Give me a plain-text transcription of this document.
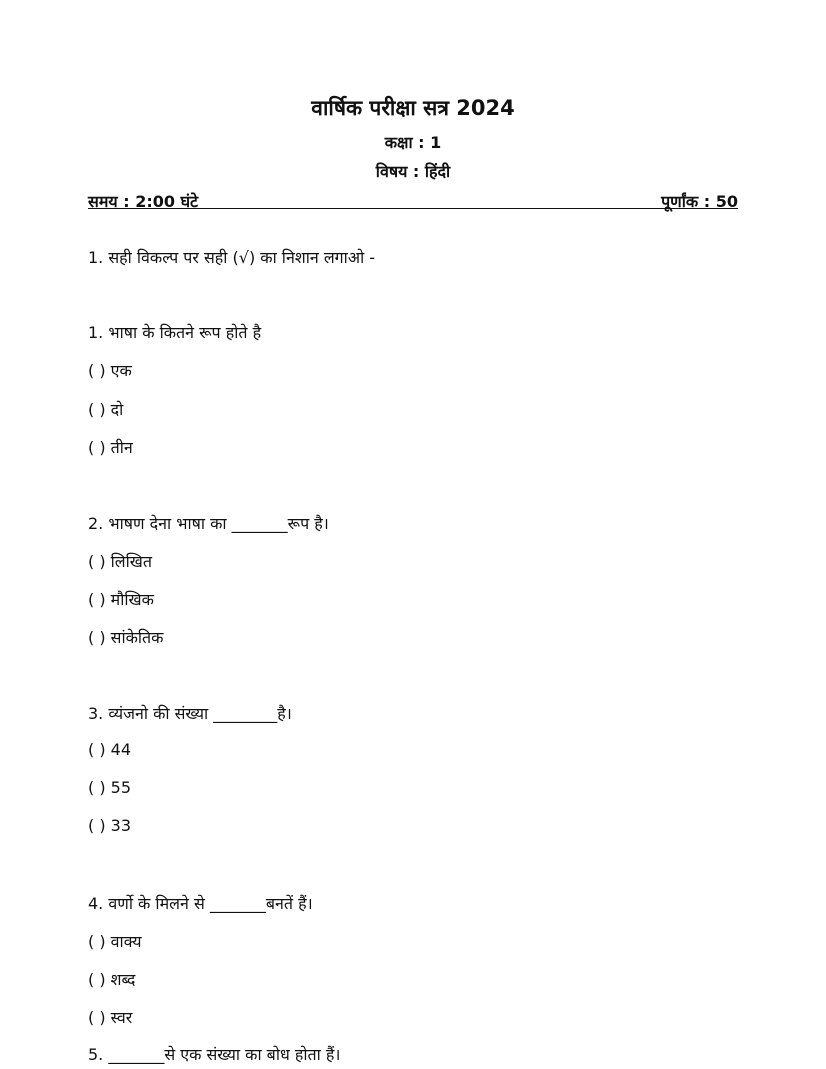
वार्षिक परीक्षा सत्र 2024
कक्षा : 1
विषय : हिंदी
समय : 2:00 घंटे	पूर्णांक : 50
1. सही विकल्प पर सही (√) का निशान लगाओ -
1. भाषा के कितने रूप होते है
( ) एक
( ) दो
( ) तीन
2. भाषण देना भाषा का _______रूप है।
( ) लिखित
( ) मौखिक
( ) सांकेतिक
3. व्यंजनो की संख्या ________है।
( ) 44
( ) 55
( ) 33
4. वर्णो के मिलने से _______बनतें हैं।
( ) वाक्य
( ) शब्द
( ) स्वर
5. _______से एक संख्या का बोध होता हैं।
